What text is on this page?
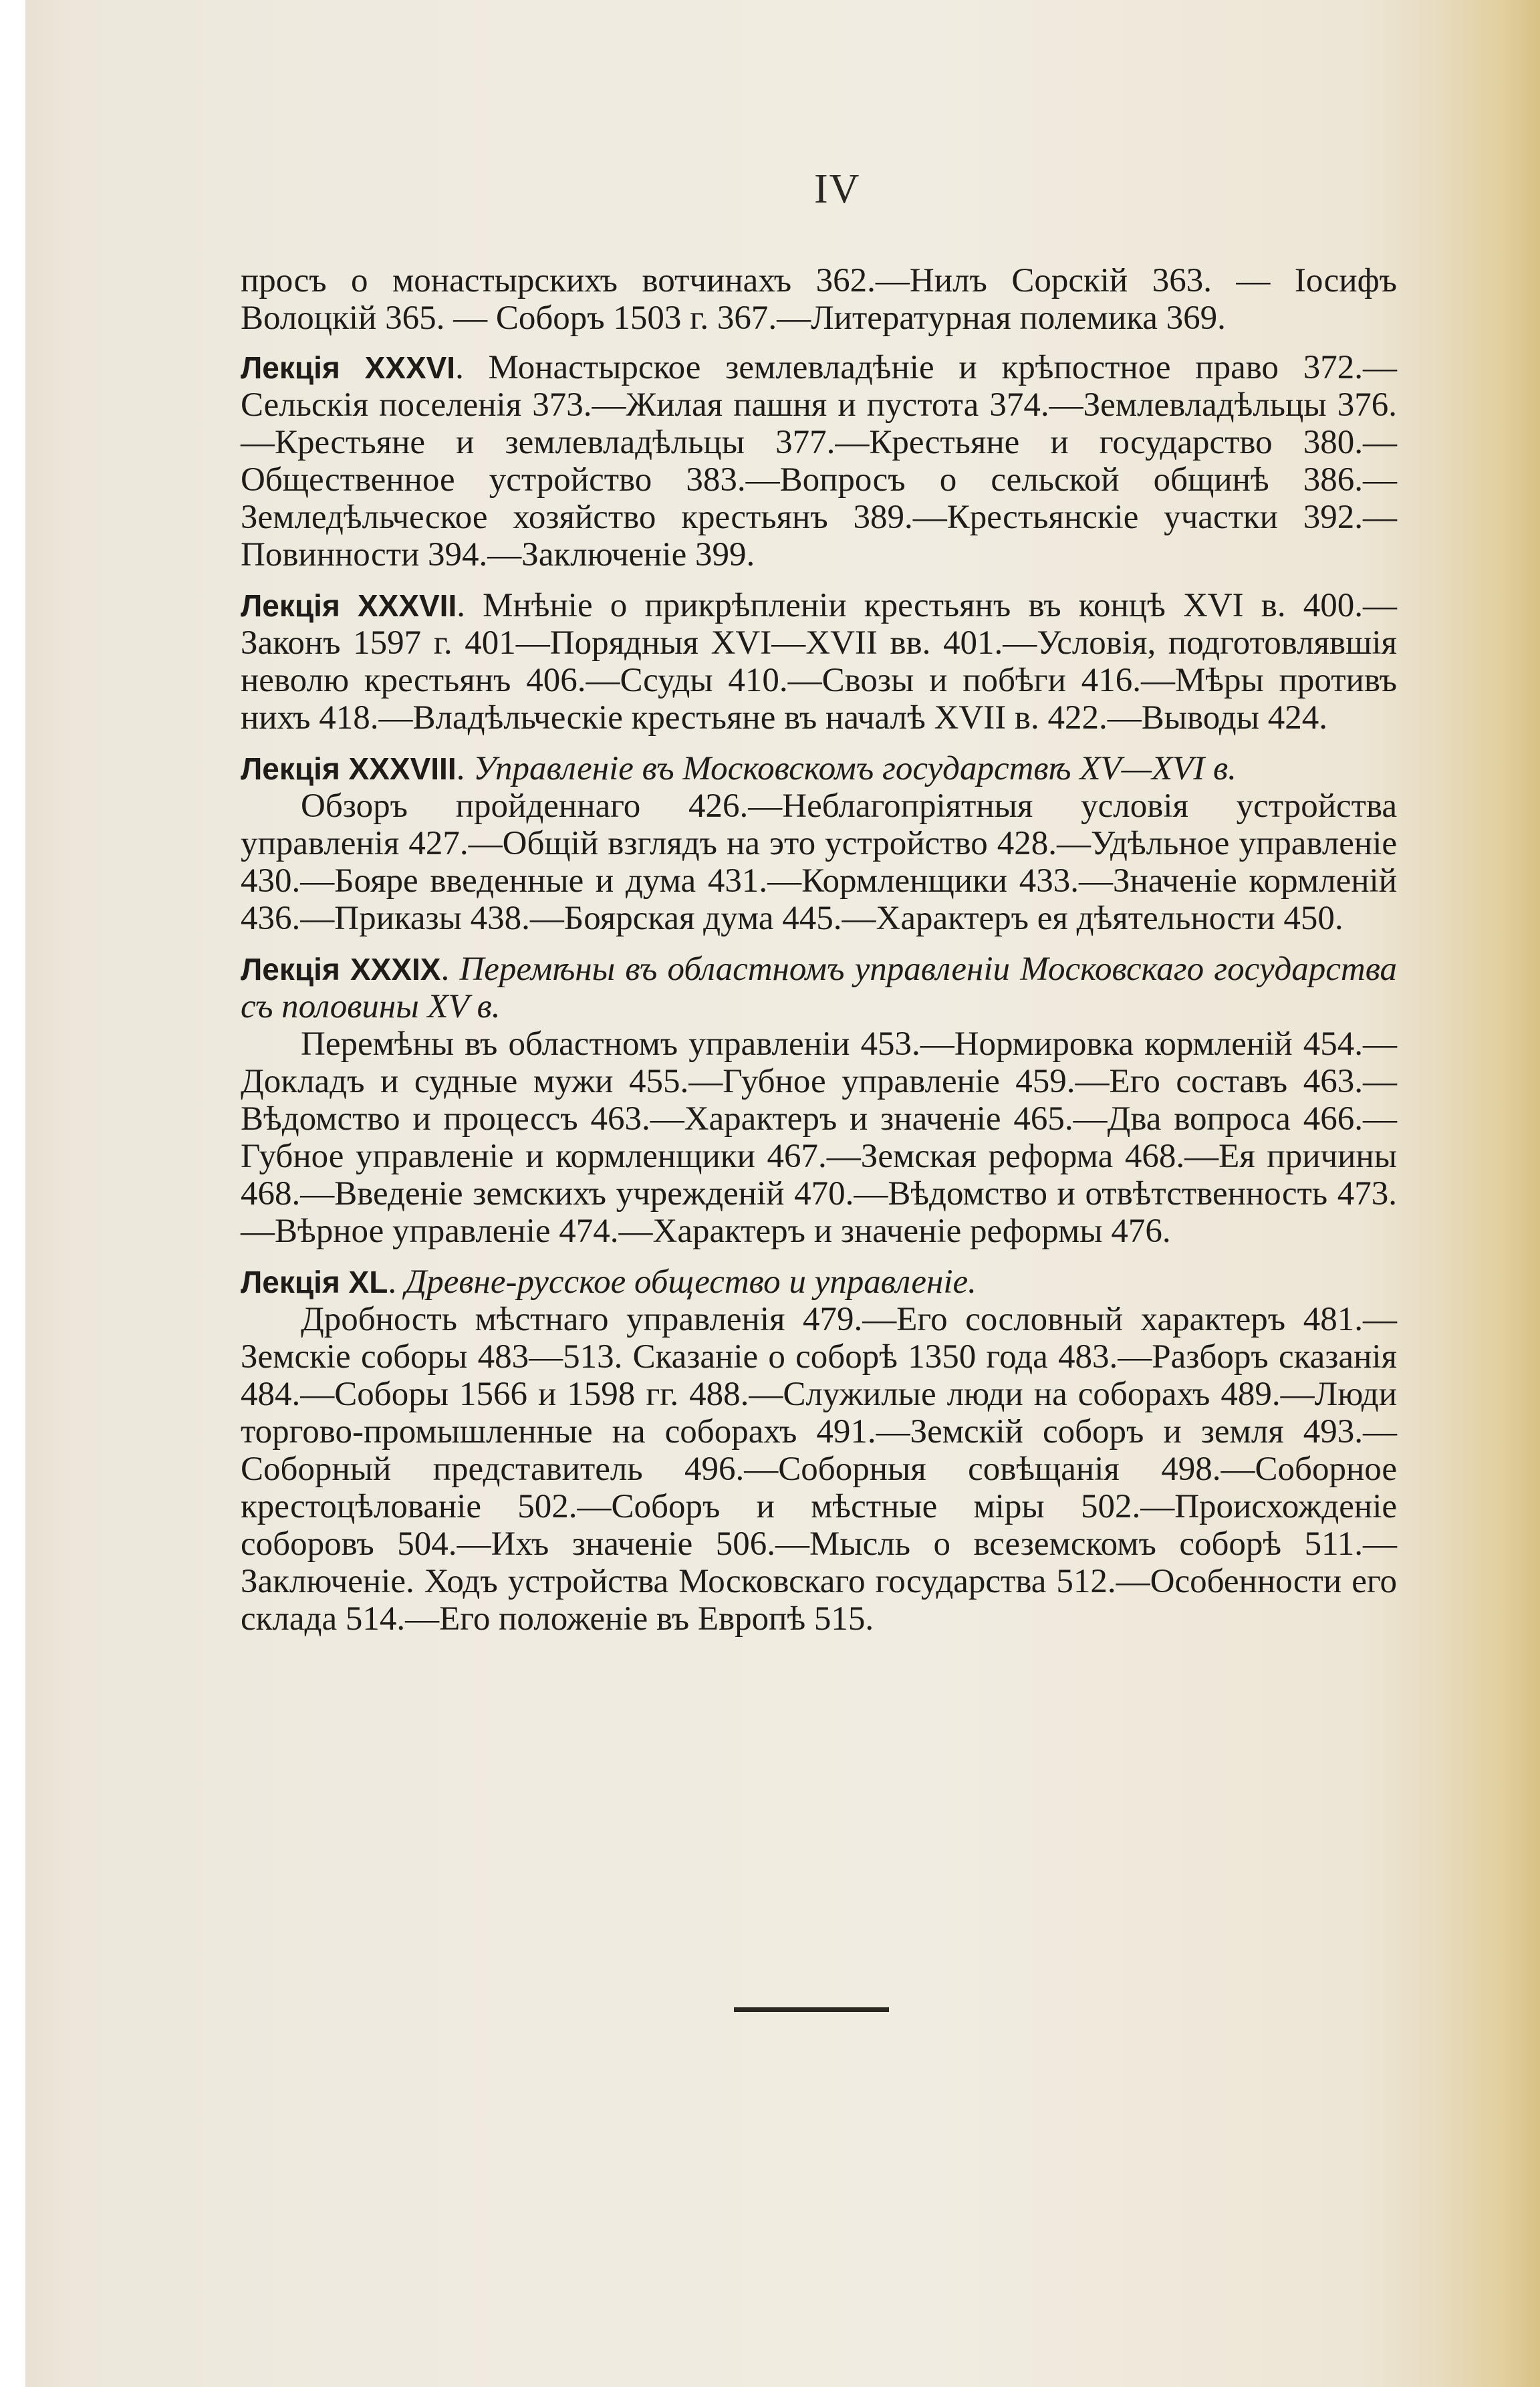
IV

просъ о монастырскихъ вотчинахъ 362.—Нилъ Сорскій 363. — Іосифъ Волоцкій 365. — Соборъ 1503 г. 367.—Литературная полемика 369.

Лекція XXXVI. Монастырское землевладѣніе и крѣпостное право 372.—Сельскія поселенія 373.—Жилая пашня и пустота 374.—Землевладѣльцы 376.—Крестьяне и землевладѣльцы 377.—Крестьяне и государство 380.—Общественное устройство 383.—Вопросъ о сельской общинѣ 386.—Земледѣльческое хозяйство крестьянъ 389.—Крестьянскіе участки 392.—Повинности 394.—Заключеніе 399.

Лекція XXXVII. Мнѣніе о прикрѣпленіи крестьянъ въ концѣ XVI в. 400.—Законъ 1597 г. 401—Порядныя XVI—XVII вв. 401.—Условія, подготовлявшія неволю крестьянъ 406.—Ссуды 410.—Свозы и побѣги 416.—Мѣры противъ нихъ 418.—Владѣльческіе крестьяне въ началѣ XVII в. 422.—Выводы 424.

Лекція XXXVIII. Управленіе въ Московскомъ государствѣ XV—XVI в.
Обзоръ пройденнаго 426.—Неблагопріятныя условія устройства управленія 427.—Общій взглядъ на это устройство 428.—Удѣльное управленіе 430.—Бояре введенные и дума 431.—Кормленщики 433.—Значеніе кормленій 436.—Приказы 438.—Боярская дума 445.—Характеръ ея дѣятельности 450.

Лекція XXXIX. Перемѣны въ областномъ управленіи Московскаго государства съ половины XV в.
Перемѣны въ областномъ управленіи 453.—Нормировка кормленій 454.—Докладъ и судные мужи 455.—Губное управленіе 459.—Его составъ 463.—Вѣдомство и процессъ 463.—Характеръ и значеніе 465.—Два вопроса 466.—Губное управленіе и кормленщики 467.—Земская реформа 468.—Ея причины 468.—Введеніе земскихъ учрежденій 470.—Вѣдомство и отвѣтственность 473.—Вѣрное управленіе 474.—Характеръ и значеніе реформы 476.

Лекція XL. Древне-русское общество и управленіе.
Дробность мѣстнаго управленія 479.—Его сословный характеръ 481.—Земскіе соборы 483—513. Сказаніе о соборѣ 1350 года 483.—Разборъ сказанія 484.—Соборы 1566 и 1598 гг. 488.—Служилые люди на соборахъ 489.—Люди торгово-промышленные на соборахъ 491.—Земскій соборъ и земля 493.—Соборный представитель 496.—Соборныя совѣщанія 498.—Соборное крестоцѣлованіе 502.—Соборъ и мѣстные міры 502.—Происхожденіе соборовъ 504.—Ихъ значеніе 506.—Мысль о всеземскомъ соборѣ 511.—Заключеніе. Ходъ устройства Московскаго государства 512.—Особенности его склада 514.—Его положеніе въ Европѣ 515.
